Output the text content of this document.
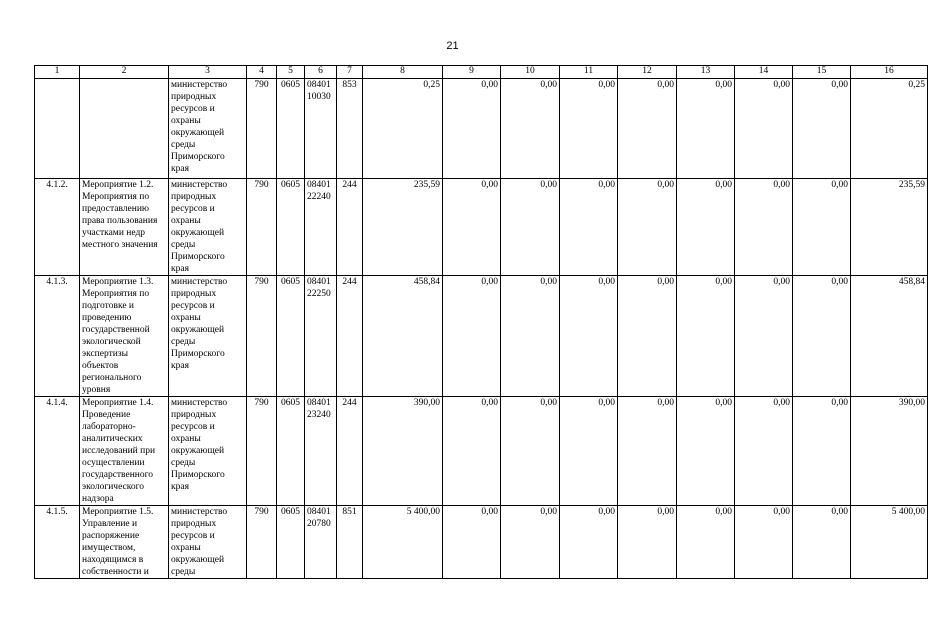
21
1	2	3	4	5	6	7	8	9	10	11	12	13	14	15	16
		министерство природных ресурсов и охраны окружающей среды Приморского края	790	0605	08401 10030	853	0,25	0,00	0,00	0,00	0,00	0,00	0,00	0,00	0,25
4.1.2.	Мероприятие 1.2. Мероприятия по предоставлению права пользования участками недр местного значения	министерство природных ресурсов и охраны окружающей среды Приморского края	790	0605	08401 22240	244	235,59	0,00	0,00	0,00	0,00	0,00	0,00	0,00	235,59
4.1.3.	Мероприятие 1.3. Мероприятия по подготовке и проведению государственной экологической экспертизы объектов регионального уровня	министерство природных ресурсов и охраны окружающей среды Приморского края	790	0605	08401 22250	244	458,84	0,00	0,00	0,00	0,00	0,00	0,00	0,00	458,84
4.1.4.	Мероприятие 1.4. Проведение лабораторно-аналитических исследований при осуществлении государственного экологического надзора	министерство природных ресурсов и охраны окружающей среды Приморского края	790	0605	08401 23240	244	390,00	0,00	0,00	0,00	0,00	0,00	0,00	0,00	390,00
4.1.5.	Мероприятие 1.5. Управление и распоряжение имуществом, находящимся в собственности и	министерство природных ресурсов и охраны окружающей среды	790	0605	08401 20780	851	5 400,00	0,00	0,00	0,00	0,00	0,00	0,00	0,00	5 400,00
